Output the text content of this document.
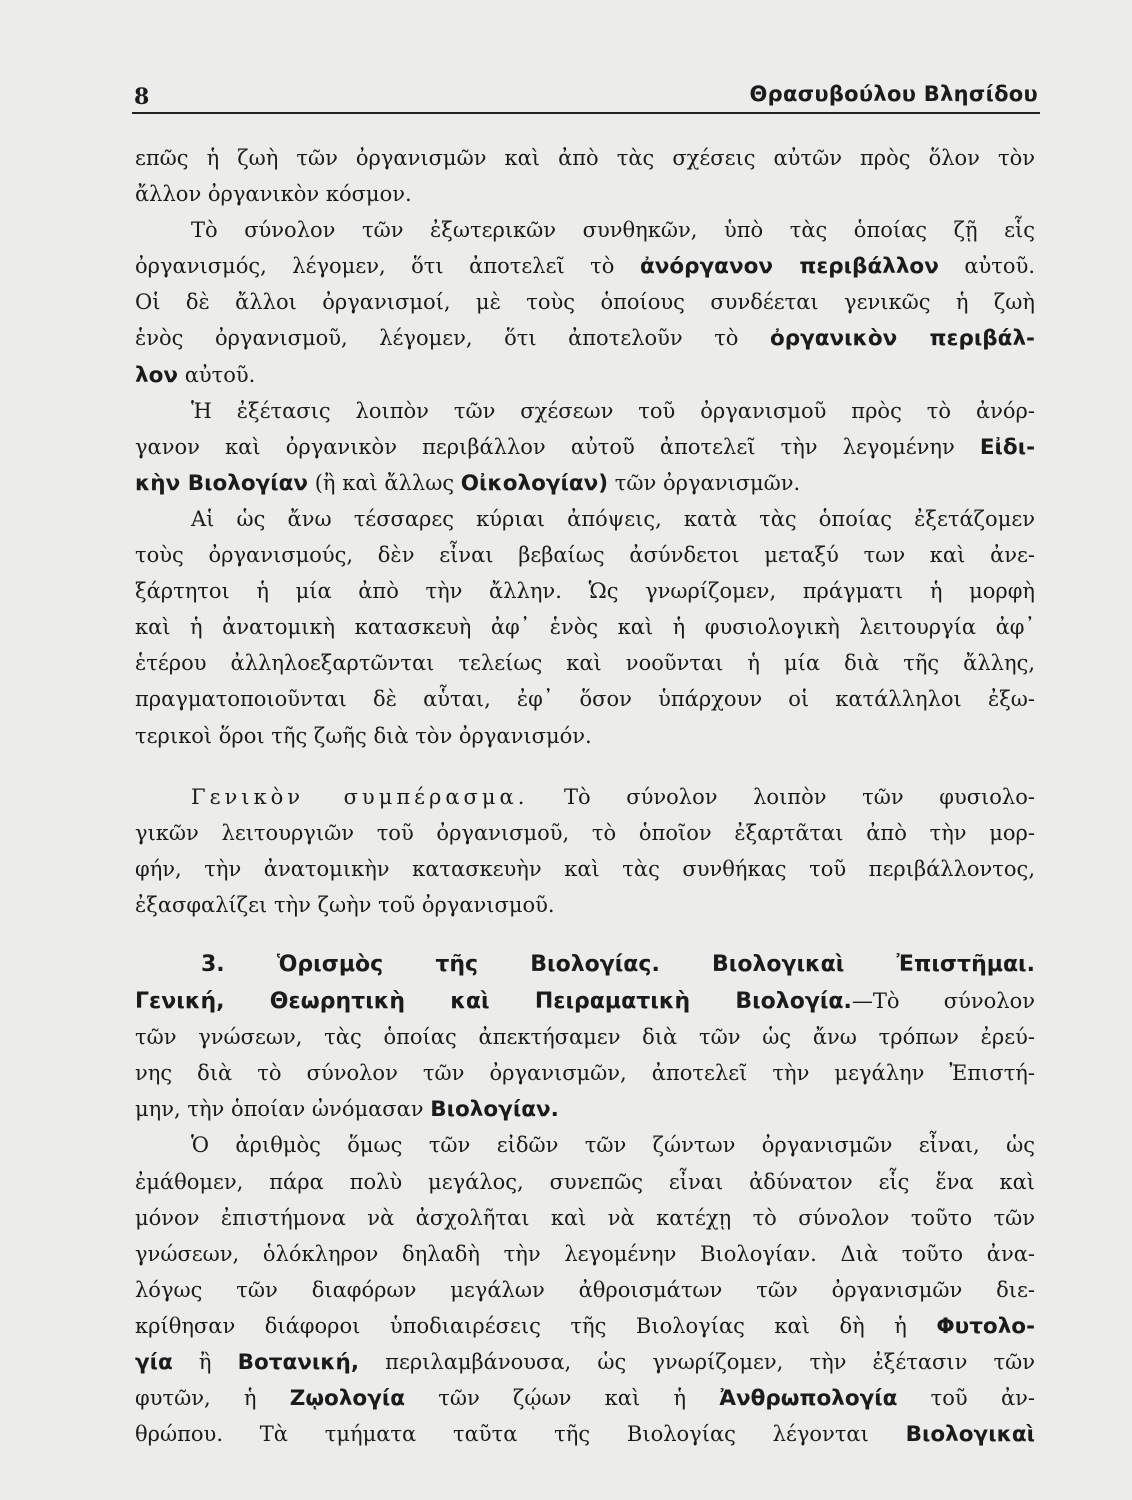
8	Θρασυβούλου Βλησίδου
επῶς ἡ ζωὴ τῶν ὀργανισμῶν καὶ ἀπὸ τὰς σχέσεις αὐτῶν πρὸς ὅλον τὸν
ἄλλον ὀργανικὸν κόσμον.
Τὸ σύνολον τῶν ἐξωτερικῶν συνθηκῶν, ὑπὸ τὰς ὁποίας ζῇ εἷς
ὀργανισμός, λέγομεν, ὅτι ἀποτελεῖ τὸ ἀνόργανον περιβάλλον αὐτοῦ.
Οἱ δὲ ἄλλοι ὀργανισμοί, μὲ τοὺς ὁποίους συνδέεται γενικῶς ἡ ζωὴ
ἑνὸς ὀργανισμοῦ, λέγομεν, ὅτι ἀποτελοῦν τὸ ὀργανικὸν περιβάλ-
λον αὐτοῦ.
Ἡ ἐξέτασις λοιπὸν τῶν σχέσεων τοῦ ὀργανισμοῦ πρὸς τὸ ἀνόρ-
γανον καὶ ὀργανικὸν περιβάλλον αὐτοῦ ἀποτελεῖ τὴν λεγομένην Εἰδι-
κὴν Βιολογίαν (ἢ καὶ ἄλλως Οἰκολογίαν) τῶν ὀργανισμῶν.
Αἱ ὡς ἄνω τέσσαρες κύριαι ἀπόψεις, κατὰ τὰς ὁποίας ἐξετάζομεν
τοὺς ὀργανισμούς, δὲν εἶναι βεβαίως ἀσύνδετοι μεταξύ των καὶ ἀνε-
ξάρτητοι ἡ μία ἀπὸ τὴν ἄλλην. Ὡς γνωρίζομεν, πράγματι ἡ μορφὴ
καὶ ἡ ἀνατομικὴ κατασκευὴ ἀφ᾽ ἑνὸς καὶ ἡ φυσιολογικὴ λειτουργία ἀφ᾽
ἑτέρου ἀλληλοεξαρτῶνται τελείως καὶ νοοῦνται ἡ μία διὰ τῆς ἄλλης,
πραγματοποιοῦνται δὲ αὗται, ἐφ᾽ ὅσον ὑπάρχουν οἱ κατάλληλοι ἐξω-
τερικοὶ ὅροι τῆς ζωῆς διὰ τὸν ὀργανισμόν.
Γενικὸν συμπέρασμα. Τὸ σύνολον λοιπὸν τῶν φυσιολο-
γικῶν λειτουργιῶν τοῦ ὀργανισμοῦ, τὸ ὁποῖον ἐξαρτᾶται ἀπὸ τὴν μορ-
φήν, τὴν ἀνατομικὴν κατασκευὴν καὶ τὰς συνθήκας τοῦ περιβάλλοντος,
ἐξασφαλίζει τὴν ζωὴν τοῦ ὀργανισμοῦ.
3. Ὁρισμὸς τῆς Βιολογίας. Βιολογικαὶ Ἐπιστῆμαι.
Γενική, Θεωρητικὴ καὶ Πειραματικὴ Βιολογία.—Τὸ σύνολον
τῶν γνώσεων, τὰς ὁποίας ἀπεκτήσαμεν διὰ τῶν ὡς ἄνω τρόπων ἐρεύ-
νης διὰ τὸ σύνολον τῶν ὀργανισμῶν, ἀποτελεῖ τὴν μεγάλην Ἐπιστή-
μην, τὴν ὁποίαν ὠνόμασαν Βιολογίαν.
Ὁ ἀριθμὸς ὅμως τῶν εἰδῶν τῶν ζώντων ὀργανισμῶν εἶναι, ὡς
ἐμάθομεν, πάρα πολὺ μεγάλος, συνεπῶς εἶναι ἀδύνατον εἷς ἕνα καὶ
μόνον ἐπιστήμονα νὰ ἀσχολῆται καὶ νὰ κατέχῃ τὸ σύνολον τοῦτο τῶν
γνώσεων, ὁλόκληρον δηλαδὴ τὴν λεγομένην Βιολογίαν. Διὰ τοῦτο ἀνα-
λόγως τῶν διαφόρων μεγάλων ἀθροισμάτων τῶν ὀργανισμῶν διε-
κρίθησαν διάφοροι ὑποδιαιρέσεις τῆς Βιολογίας καὶ δὴ ἡ Φυτολο-
γία ἢ Βοτανική, περιλαμβάνουσα, ὡς γνωρίζομεν, τὴν ἐξέτασιν τῶν
φυτῶν, ἡ Ζῳολογία τῶν ζῴων καὶ ἡ Ἀνθρωπολογία τοῦ ἀν-
θρώπου. Τὰ τμήματα ταῦτα τῆς Βιολογίας λέγονται Βιολογικαὶ
